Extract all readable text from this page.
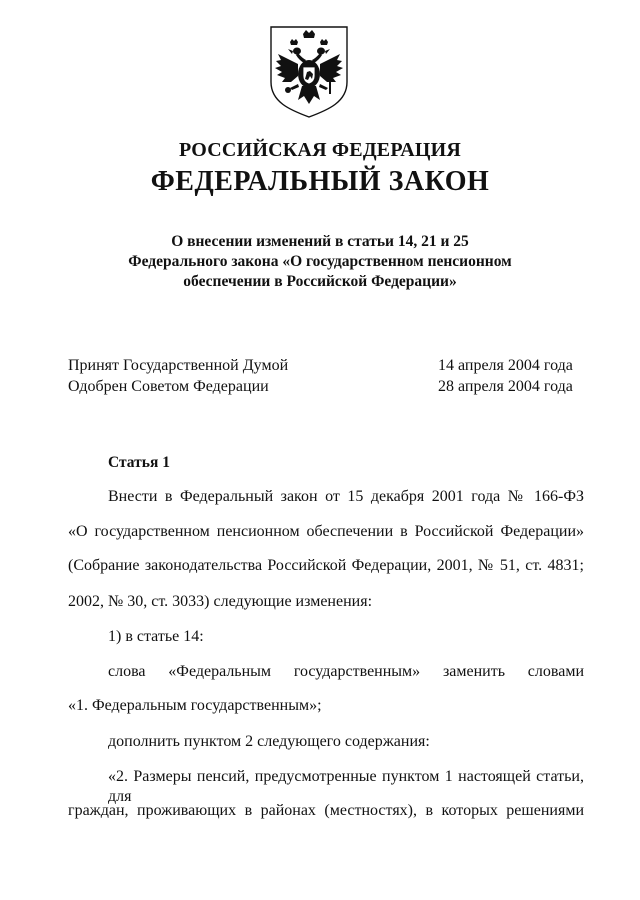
РОССИЙСКАЯ ФЕДЕРАЦИЯ
ФЕДЕРАЛЬНЫЙ ЗАКОН
О внесении изменений в статьи 14, 21 и 25
Федерального закона «О государственном пенсионном
обеспечении в Российской Федерации»
Принят Государственной Думой	14 апреля 2004 года
Одобрен Советом Федерации	28 апреля 2004 года
Статья 1
Внести в Федеральный закон от 15 декабря 2001 года № 166-ФЗ
«О государственном пенсионном обеспечении в Российской Федерации»
(Собрание законодательства Российской Федерации, 2001, № 51, ст. 4831;
2002, № 30, ст. 3033) следующие изменения:
1) в статье 14:
слова «Федеральным государственным» заменить словами
«1. Федеральным государственным»;
дополнить пунктом 2 следующего содержания:
«2. Размеры пенсий, предусмотренные пунктом 1 настоящей статьи, для
граждан, проживающих в районах (местностях), в которых решениями
